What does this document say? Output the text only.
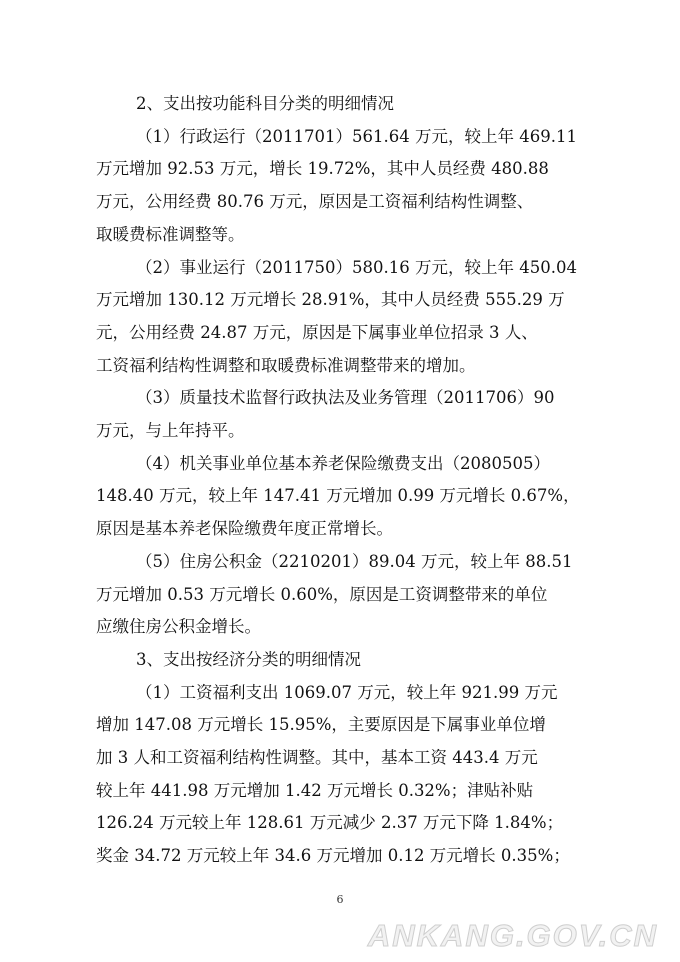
2、支出按功能科目分类的明细情况
（1）行政运行（2011701）561.64 万元，较上年 469.11
万元增加 92.53 万元，增长 19.72%，其中人员经费 480.88
万元，公用经费 80.76 万元，原因是工资福利结构性调整、
取暖费标准调整等。
（2）事业运行（2011750）580.16 万元，较上年 450.04
万元增加 130.12 万元增长 28.91%，其中人员经费 555.29 万
元，公用经费 24.87 万元，原因是下属事业单位招录 3 人、
工资福利结构性调整和取暖费标准调整带来的增加。
（3）质量技术监督行政执法及业务管理（2011706）90
万元，与上年持平。
（4）机关事业单位基本养老保险缴费支出（2080505）
148.40 万元，较上年 147.41 万元增加 0.99 万元增长 0.67%，
原因是基本养老保险缴费年度正常增长。
（5）住房公积金（2210201）89.04 万元，较上年 88.51
万元增加 0.53 万元增长 0.60%，原因是工资调整带来的单位
应缴住房公积金增长。
3、支出按经济分类的明细情况
（1）工资福利支出 1069.07 万元，较上年 921.99 万元
增加 147.08 万元增长 15.95%，主要原因是下属事业单位增
加 3 人和工资福利结构性调整。其中，基本工资 443.4 万元
较上年 441.98 万元增加 1.42 万元增长 0.32%；津贴补贴
126.24 万元较上年 128.61 万元减少 2.37 万元下降 1.84%；
奖金 34.72 万元较上年 34.6 万元增加 0.12 万元增长 0.35%；
6
ANKANG.GOV.CN
